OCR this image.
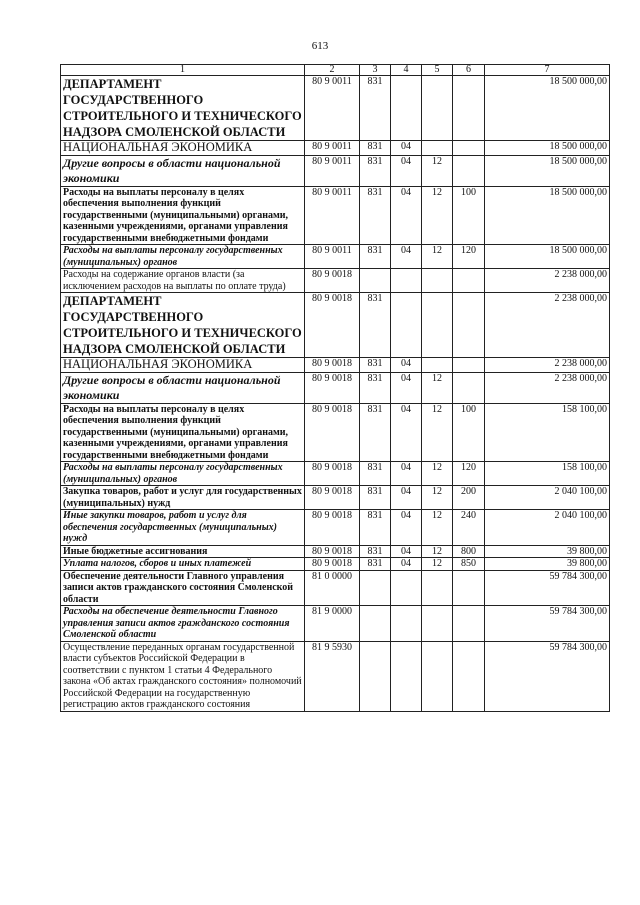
613
1	2	3	4	5	6	7
ДЕПАРТАМЕНТ ГОСУДАРСТВЕННОГО СТРОИТЕЛЬНОГО И ТЕХНИЧЕСКОГО НАДЗОРА СМОЛЕНСКОЙ ОБЛАСТИ	80 9 0011	831				18 500 000,00
НАЦИОНАЛЬНАЯ ЭКОНОМИКА	80 9 0011	831	04			18 500 000,00
Другие вопросы в области национальной экономики	80 9 0011	831	04	12		18 500 000,00
Расходы на выплаты персоналу в целях обеспечения выполнения функций государственными (муниципальными) органами, казенными учреждениями, органами управления государственными внебюджетными фондами	80 9 0011	831	04	12	100	18 500 000,00
Расходы на выплаты персоналу государственных (муниципальных) органов	80 9 0011	831	04	12	120	18 500 000,00
Расходы на содержание органов власти (за исключением расходов на выплаты по оплате труда)	80 9 0018					2 238 000,00
ДЕПАРТАМЕНТ ГОСУДАРСТВЕННОГО СТРОИТЕЛЬНОГО И ТЕХНИЧЕСКОГО НАДЗОРА СМОЛЕНСКОЙ ОБЛАСТИ	80 9 0018	831				2 238 000,00
НАЦИОНАЛЬНАЯ ЭКОНОМИКА	80 9 0018	831	04			2 238 000,00
Другие вопросы в области национальной экономики	80 9 0018	831	04	12		2 238 000,00
Расходы на выплаты персоналу в целях обеспечения выполнения функций государственными (муниципальными) органами, казенными учреждениями, органами управления государственными внебюджетными фондами	80 9 0018	831	04	12	100	158 100,00
Расходы на выплаты персоналу государственных (муниципальных) органов	80 9 0018	831	04	12	120	158 100,00
Закупка товаров, работ и услуг для государственных (муниципальных) нужд	80 9 0018	831	04	12	200	2 040 100,00
Иные закупки товаров, работ и услуг для обеспечения государственных (муниципальных) нужд	80 9 0018	831	04	12	240	2 040 100,00
Иные бюджетные ассигнования	80 9 0018	831	04	12	800	39 800,00
Уплата налогов, сборов и иных платежей	80 9 0018	831	04	12	850	39 800,00
Обеспечение деятельности Главного управления записи актов гражданского состояния Смоленской области	81 0 0000					59 784 300,00
Расходы на обеспечение деятельности Главного управления записи актов гражданского состояния Смоленской области	81 9 0000					59 784 300,00
Осуществление переданных органам государственной власти субъектов Российской Федерации в соответствии с пунктом 1 статьи 4 Федерального закона «Об актах гражданского состояния» полномочий Российской Федерации на государственную регистрацию актов гражданского состояния	81 9 5930					59 784 300,00
